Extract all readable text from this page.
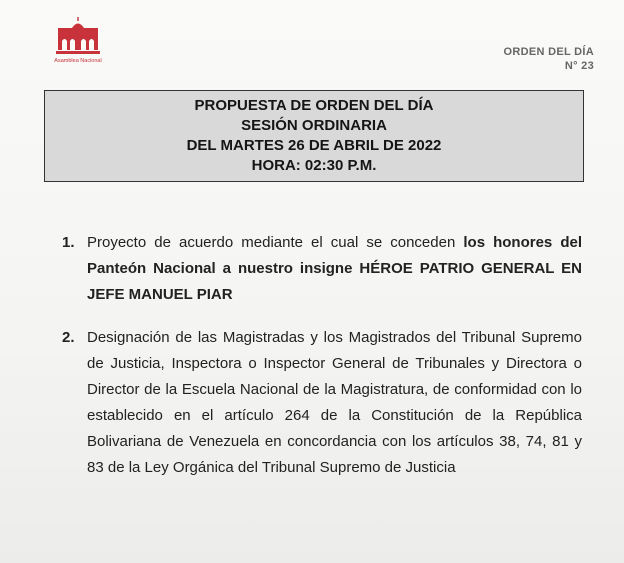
Asamblea Nacional
ORDEN DEL DÍA
N° 23
PROPUESTA DE ORDEN DEL DÍA
SESIÓN ORDINARIA
DEL MARTES 26 DE ABRIL DE 2022
HORA: 02:30 P.M.
1. Proyecto de acuerdo mediante el cual se conceden los honores del Panteón Nacional a nuestro insigne HÉROE PATRIO GENERAL EN JEFE MANUEL PIAR
2. Designación de las Magistradas y los Magistrados del Tribunal Supremo de Justicia, Inspectora o Inspector General de Tribunales y Directora o Director de la Escuela Nacional de la Magistratura, de conformidad con lo establecido en el artículo 264 de la Constitución de la República Bolivariana de Venezuela en concordancia con los artículos 38, 74, 81 y 83 de la Ley Orgánica del Tribunal Supremo de Justicia
